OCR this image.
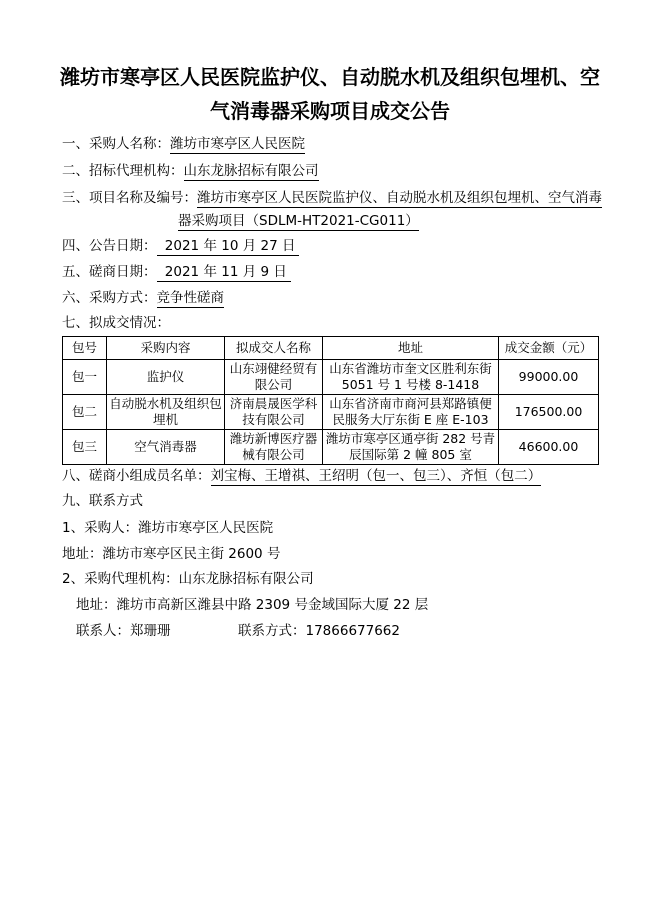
潍坊市寒亭区人民医院监护仪、自动脱水机及组织包埋机、空气消毒器采购项目成交公告
一、采购人名称：潍坊市寒亭区人民医院
二、招标代理机构：山东龙脉招标有限公司
三、项目名称及编号：潍坊市寒亭区人民医院监护仪、自动脱水机及组织包埋机、空气消毒
器采购项目（SDLM-HT2021-CG011）
四、公告日期： 2021 年 10 月 27 日
五、磋商日期： 2021 年 11 月 9 日
六、采购方式：竞争性磋商
七、拟成交情况：
包号	采购内容	拟成交人名称	地址	成交金额（元）
包一	监护仪	山东翊健经贸有限公司	山东省潍坊市奎文区胜利东街 5051 号 1 号楼 8-1418	99000.00
包二	自动脱水机及组织包埋机	济南晨晟医学科技有限公司	山东省济南市商河县郑路镇便民服务大厅东街 E 座 E-103	176500.00
包三	空气消毒器	潍坊新博医疗器械有限公司	潍坊市寒亭区通亭街 282 号青辰国际第 2 幢 805 室	46600.00
八、磋商小组成员名单：刘宝梅、王增祺、王绍明（包一、包三）、齐恒（包二）
九、联系方式
1、采购人：潍坊市寒亭区人民医院
地址：潍坊市寒亭区民主街 2600 号
2、采购代理机构：山东龙脉招标有限公司
地址：潍坊市高新区潍县中路 2309 号金域国际大厦 22 层
联系人：郑珊珊	联系方式：17866677662
